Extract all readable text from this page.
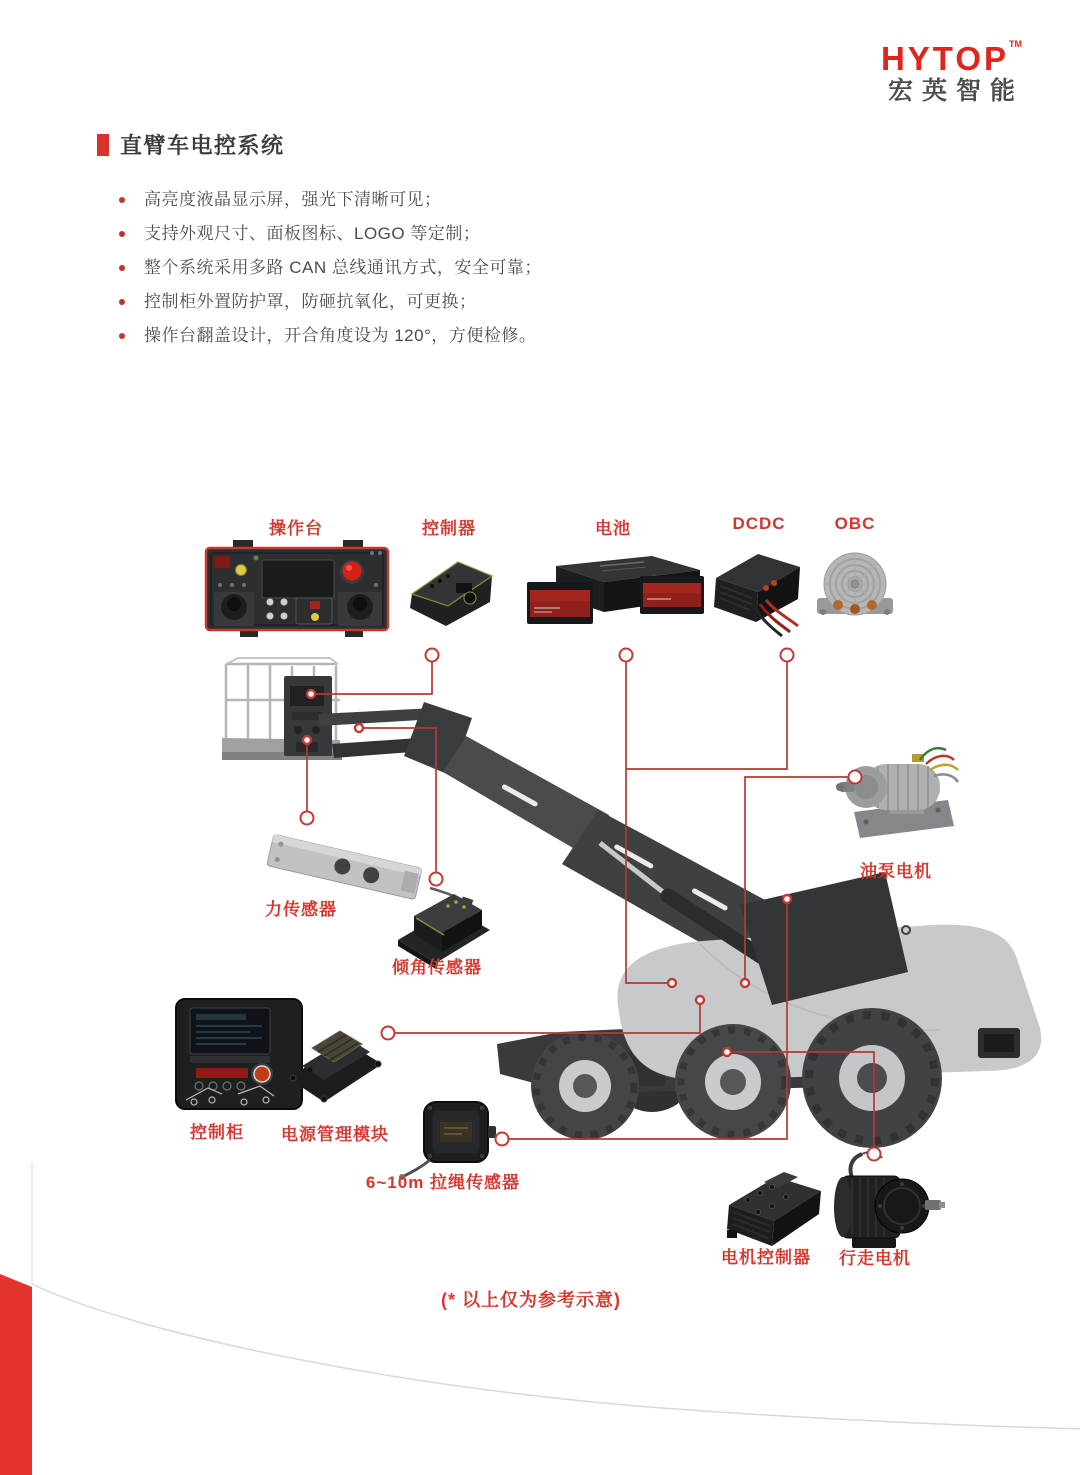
HYTOP™
宏英智能
直臂车电控系统
高亮度液晶显示屏，强光下清晰可见；
支持外观尺寸、面板图标、LOGO 等定制；
整个系统采用多路 CAN 总线通讯方式，安全可靠；
控制柜外置防护罩，防砸抗氧化，可更换；
操作台翻盖设计，开合角度设为 120°，方便检修。
操作台	控制器	电池	DCDC	OBC
力传感器
倾角传感器
油泵电机
控制柜 电源管理模块
6~10m 拉绳传感器
电机控制器 行走电机
(* 以上仅为参考示意)
